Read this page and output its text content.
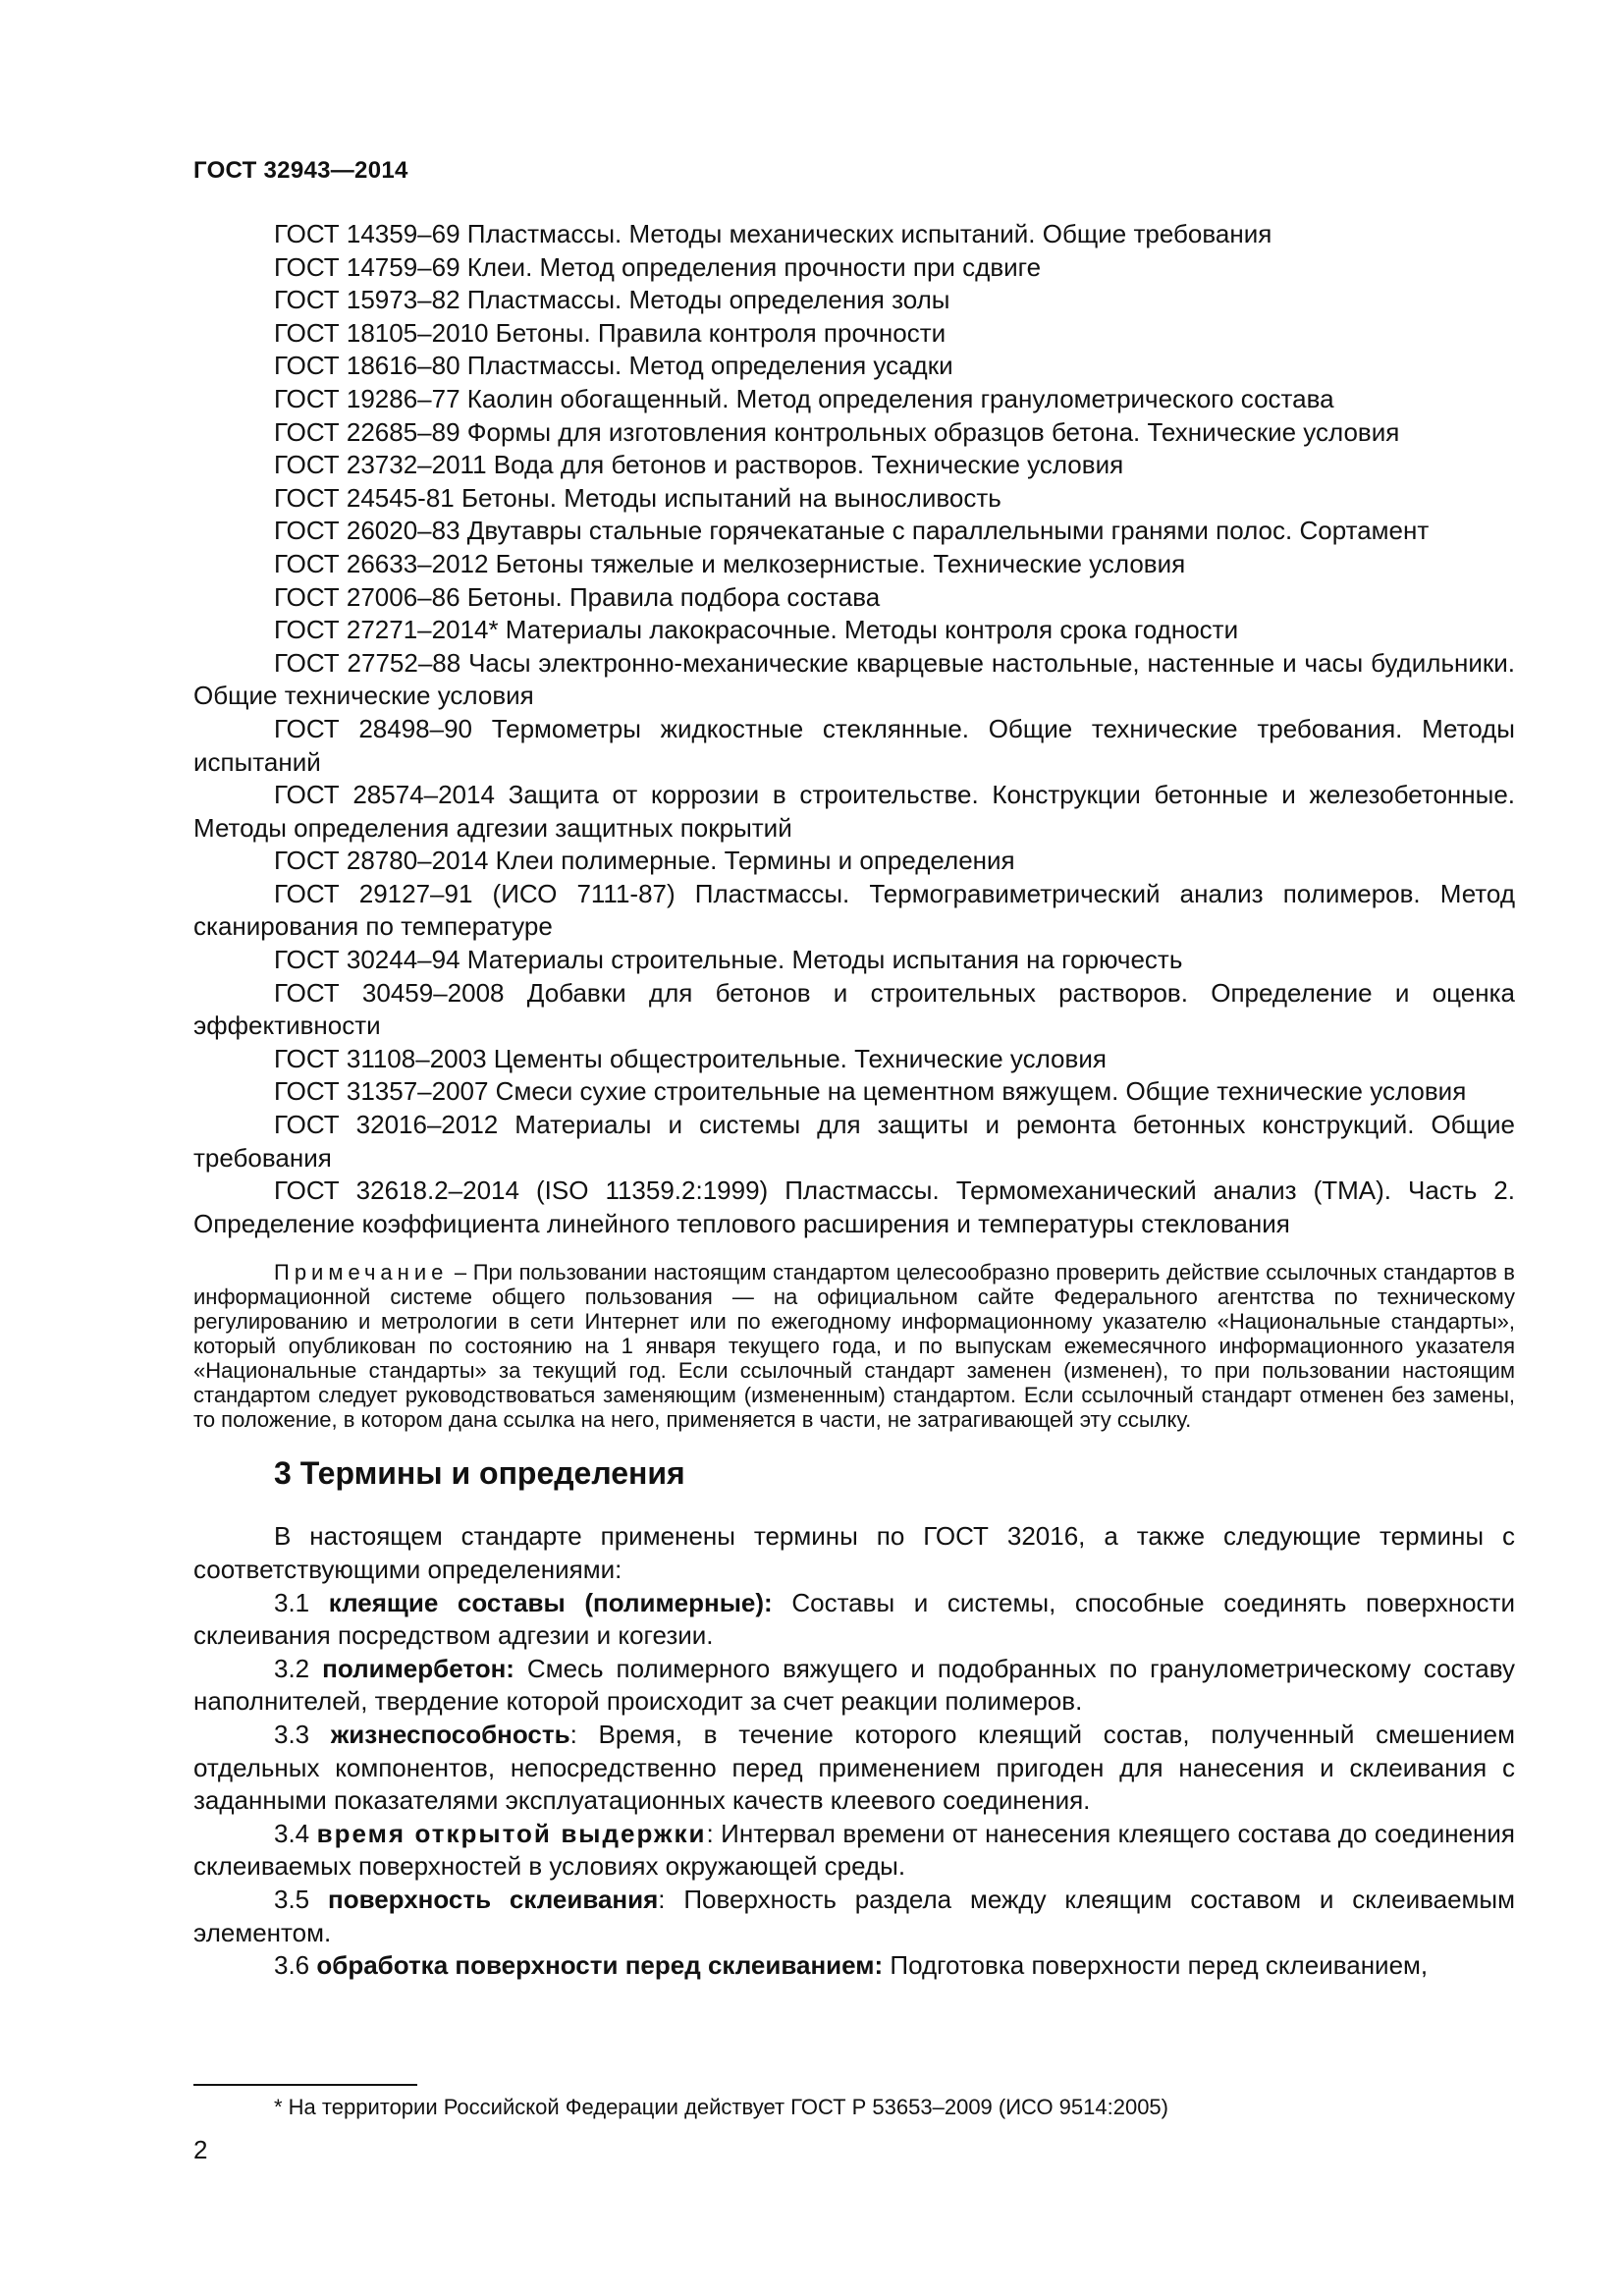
ГОСТ 32943—2014

ГОСТ 14359–69 Пластмассы. Методы механических испытаний. Общие требования

ГОСТ 14759–69 Клеи. Метод определения прочности при сдвиге

ГОСТ 15973–82 Пластмассы. Методы определения золы

ГОСТ 18105–2010 Бетоны. Правила контроля прочности

ГОСТ 18616–80 Пластмассы. Метод определения усадки

ГОСТ 19286–77 Каолин обогащенный. Метод определения гранулометрического состава

ГОСТ 22685–89 Формы для изготовления контрольных образцов бетона. Технические условия

ГОСТ 23732–2011 Вода для бетонов и растворов. Технические условия

ГОСТ 24545-81 Бетоны. Методы испытаний на выносливость

ГОСТ 26020–83 Двутавры стальные горячекатаные с параллельными гранями полос. Сортамент

ГОСТ 26633–2012 Бетоны тяжелые и мелкозернистые. Технические условия

ГОСТ 27006–86 Бетоны. Правила подбора состава

ГОСТ 27271–2014* Материалы лакокрасочные. Методы контроля срока годности

ГОСТ 27752–88 Часы электронно-механические кварцевые настольные, настенные и часы будильники. Общие технические условия

ГОСТ 28498–90 Термометры жидкостные стеклянные. Общие технические требования. Методы испытаний

ГОСТ 28574–2014 Защита от коррозии в строительстве. Конструкции бетонные и железобетонные. Методы определения адгезии защитных покрытий

ГОСТ 28780–2014 Клеи полимерные. Термины и определения

ГОСТ 29127–91 (ИСО 7111-87) Пластмассы. Термогравиметрический анализ полимеров. Метод сканирования по температуре

ГОСТ 30244–94 Материалы строительные. Методы испытания на горючесть

ГОСТ 30459–2008 Добавки для бетонов и строительных растворов. Определение и оценка эффективности

ГОСТ 31108–2003 Цементы общестроительные. Технические условия

ГОСТ 31357–2007 Смеси сухие строительные на цементном вяжущем. Общие технические условия

ГОСТ 32016–2012 Материалы и системы для защиты и ремонта бетонных конструкций. Общие требования

ГОСТ 32618.2–2014 (ISO 11359.2:1999) Пластмассы. Термомеханический анализ (ТМА). Часть 2. Определение коэффициента линейного теплового расширения и температуры стеклования

Примечание – При пользовании настоящим стандартом целесообразно проверить действие ссылочных стандартов в информационной системе общего пользования — на официальном сайте Федерального агентства по техническому регулированию и метрологии в сети Интернет или по ежегодному информационному указателю «Национальные стандарты», который опубликован по состоянию на 1 января текущего года, и по выпускам ежемесячного информационного указателя «Национальные стандарты» за текущий год. Если ссылочный стандарт заменен (изменен), то при пользовании настоящим стандартом следует руководствоваться заменяющим (измененным) стандартом. Если ссылочный стандарт отменен без замены, то положение, в котором дана ссылка на него, применяется в части, не затрагивающей эту ссылку.
3 Термины и определения

В настоящем стандарте применены термины по ГОСТ 32016, а также следующие термины с соответствующими определениями:

3.1 клеящие составы (полимерные): Составы и системы, способные соединять поверхности склеивания посредством адгезии и когезии.

3.2 полимербетон: Смесь полимерного вяжущего и подобранных по гранулометрическому составу наполнителей, твердение которой происходит за счет реакции полимеров.

3.3 жизнеспособность: Время, в течение которого клеящий состав, полученный смешением отдельных компонентов, непосредственно перед применением пригоден для нанесения и склеивания с заданными показателями эксплуатационных качеств клеевого соединения.

3.4 время открытой выдержки: Интервал времени от нанесения клеящего состава до соединения склеиваемых поверхностей в условиях окружающей среды.

3.5 поверхность склеивания: Поверхность раздела между клеящим составом и склеиваемым элементом.

3.6 обработка поверхности перед склеиванием: Подготовка поверхности перед склеиванием,

* На территории Российской Федерации действует ГОСТ Р 53653–2009 (ИСО 9514:2005)
2
